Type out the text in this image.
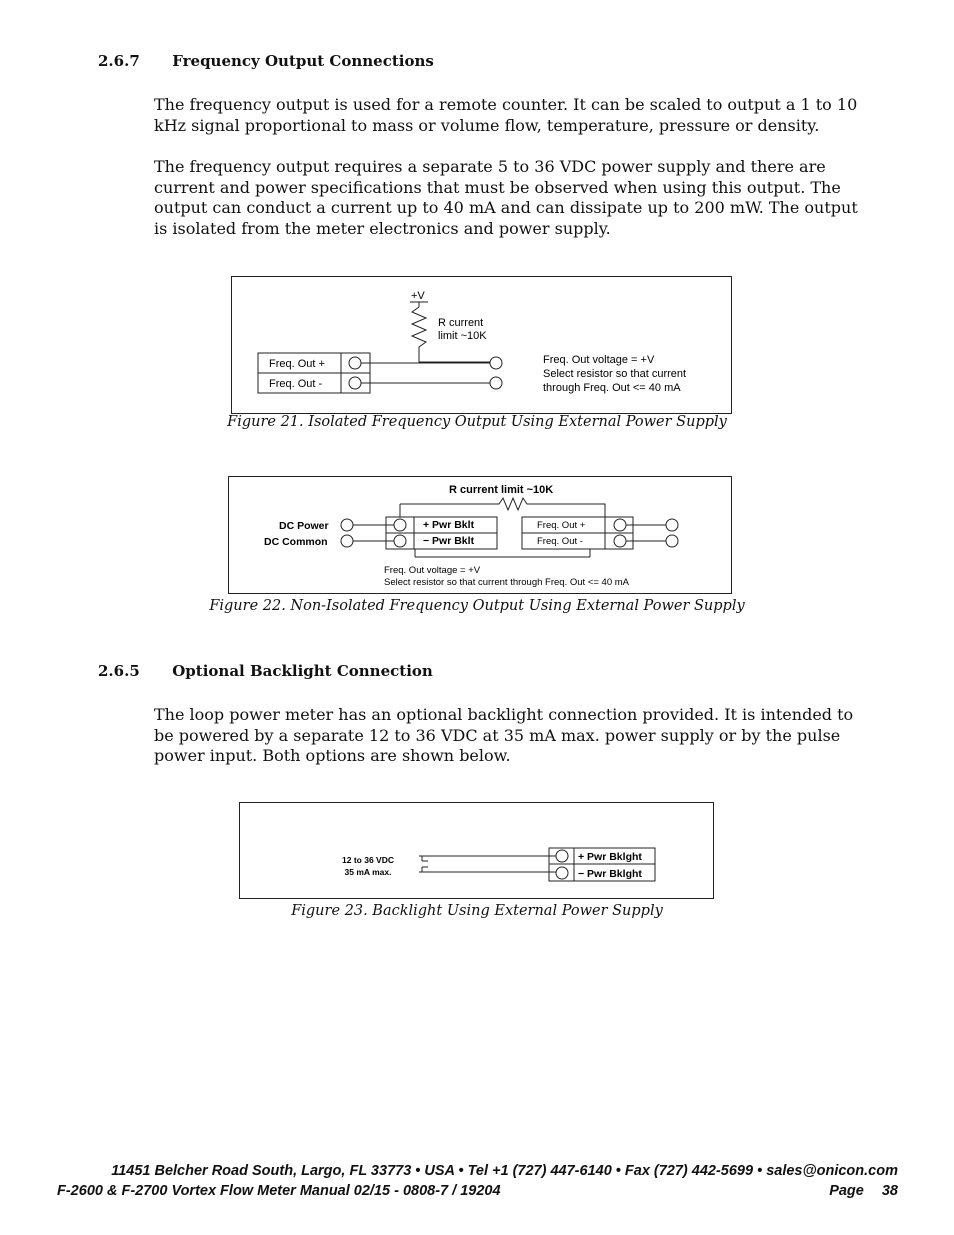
2.6.7 Frequency Output Connections

The frequency output is used for a remote counter. It can be scaled to output a 1 to 10 kHz signal proportional to mass or volume flow, temperature, pressure or density.

The frequency output requires a separate 5 to 36 VDC power supply and there are current and power specifications that must be observed when using this output. The output can conduct a current up to 40 mA and can dissipate up to 200 mW. The output is isolated from the meter electronics and power supply.

+V
R current
limit ~10K
Freq. Out +
Freq. Out -
Freq. Out voltage = +V
Select resistor so that current
through Freq. Out <= 40 mA
Figure 21. Isolated Frequency Output Using External Power Supply
R current limit ~10K
DC Power
DC Common
+ Pwr Bklt
− Pwr Bklt
Freq. Out +
Freq. Out -
Freq. Out voltage = +V
Select resistor so that current through Freq. Out <= 40 mA
Figure 22. Non-Isolated Frequency Output Using External Power Supply
2.6.5 Optional Backlight Connection

The loop power meter has an optional backlight connection provided. It is intended to be powered by a separate 12 to 36 VDC at 35 mA max. power supply or by the pulse power input. Both options are shown below.

12 to 36 VDC
35 mA max.
+ Pwr Bklght
− Pwr Bklght
Figure 23. Backlight Using External Power Supply
11451 Belcher Road South, Largo, FL 33773 • USA • Tel +1 (727) 447-6140 • Fax (727) 442-5699 • sales@onicon.com
F-2600 & F-2700 Vortex Flow Meter Manual 02/15 - 0808-7 / 19204	Page 38
